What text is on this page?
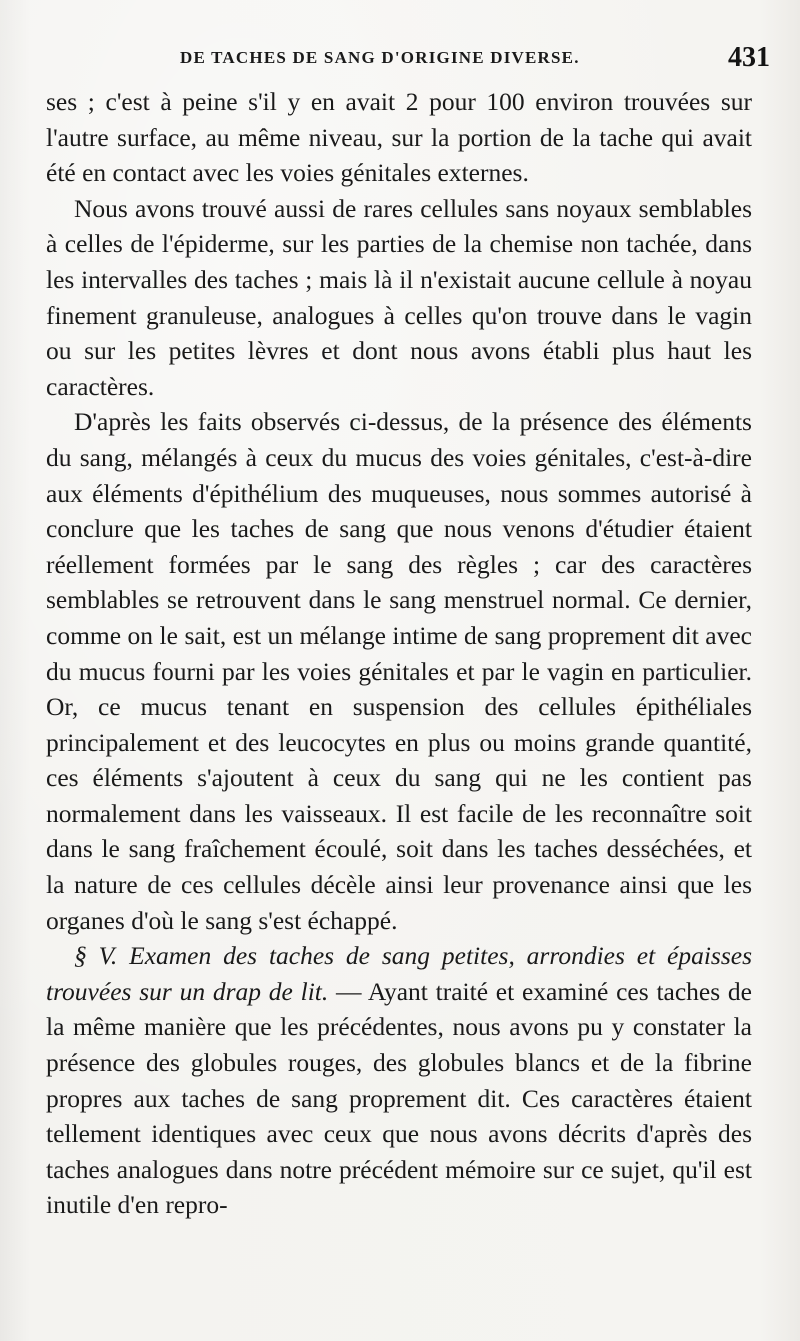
DE TACHES DE SANG D'ORIGINE DIVERSE.	431

ses ; c'est à peine s'il y en avait 2 pour 100 environ trouvées sur l'autre surface, au même niveau, sur la portion de la tache qui avait été en contact avec les voies génitales externes.

Nous avons trouvé aussi de rares cellules sans noyaux semblables à celles de l'épiderme, sur les parties de la chemise non tachée, dans les intervalles des taches ; mais là il n'existait aucune cellule à noyau finement granuleuse, analogues à celles qu'on trouve dans le vagin ou sur les petites lèvres et dont nous avons établi plus haut les caractères.

D'après les faits observés ci-dessus, de la présence des éléments du sang, mélangés à ceux du mucus des voies génitales, c'est-à-dire aux éléments d'épithélium des muqueuses, nous sommes autorisé à conclure que les taches de sang que nous venons d'étudier étaient réellement formées par le sang des règles ; car des caractères semblables se retrouvent dans le sang menstruel normal. Ce dernier, comme on le sait, est un mélange intime de sang proprement dit avec du mucus fourni par les voies génitales et par le vagin en particulier. Or, ce mucus tenant en suspension des cellules épithéliales principalement et des leucocytes en plus ou moins grande quantité, ces éléments s'ajoutent à ceux du sang qui ne les contient pas normalement dans les vaisseaux. Il est facile de les reconnaître soit dans le sang fraîchement écoulé, soit dans les taches desséchées, et la nature de ces cellules décèle ainsi leur provenance ainsi que les organes d'où le sang s'est échappé.

§ V. Examen des taches de sang petites, arrondies et épaisses trouvées sur un drap de lit. — Ayant traité et examiné ces taches de la même manière que les précédentes, nous avons pu y constater la présence des globules rouges, des globules blancs et de la fibrine propres aux taches de sang proprement dit. Ces caractères étaient tellement identiques avec ceux que nous avons décrits d'après des taches analogues dans notre précédent mémoire sur ce sujet, qu'il est inutile d'en repro-
